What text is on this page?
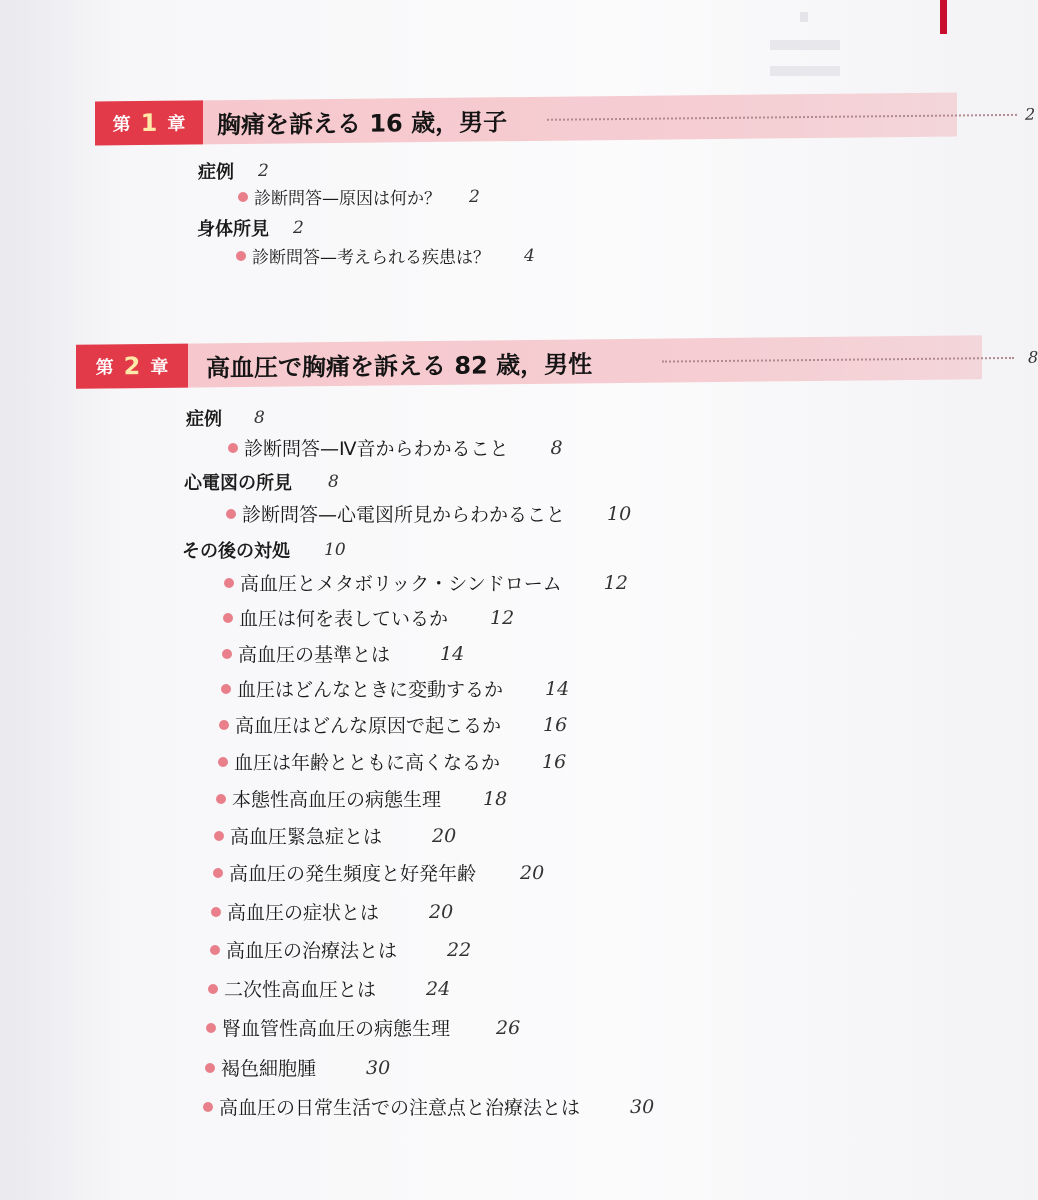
第 1 章 胸痛を訴える 16 歳，男子	2
症例 2
診断問答—原因は何か？ 2
身体所見 2
診断問答—考えられる疾患は？ 4
第 2 章 高血圧で胸痛を訴える 82 歳，男性	8
症例 8
診断問答—Ⅳ音からわかること 8
心電図の所見 8
診断問答—心電図所見からわかること 10
その後の対処 10
高血圧とメタボリック・シンドローム 12
血圧は何を表しているか 12
高血圧の基準とは	14
血圧はどんなときに変動するか 14
高血圧はどんな原因で起こるか 16
血圧は年齢とともに高くなるか 16
本態性高血圧の病態生理 18
高血圧緊急症とは	20
高血圧の発生頻度と好発年齢 20
高血圧の症状とは	20
高血圧の治療法とは	22
二次性高血圧とは	24
腎血管性高血圧の病態生理 26
褐色細胞腫	30
高血圧の日常生活での注意点と治療法とは	30
